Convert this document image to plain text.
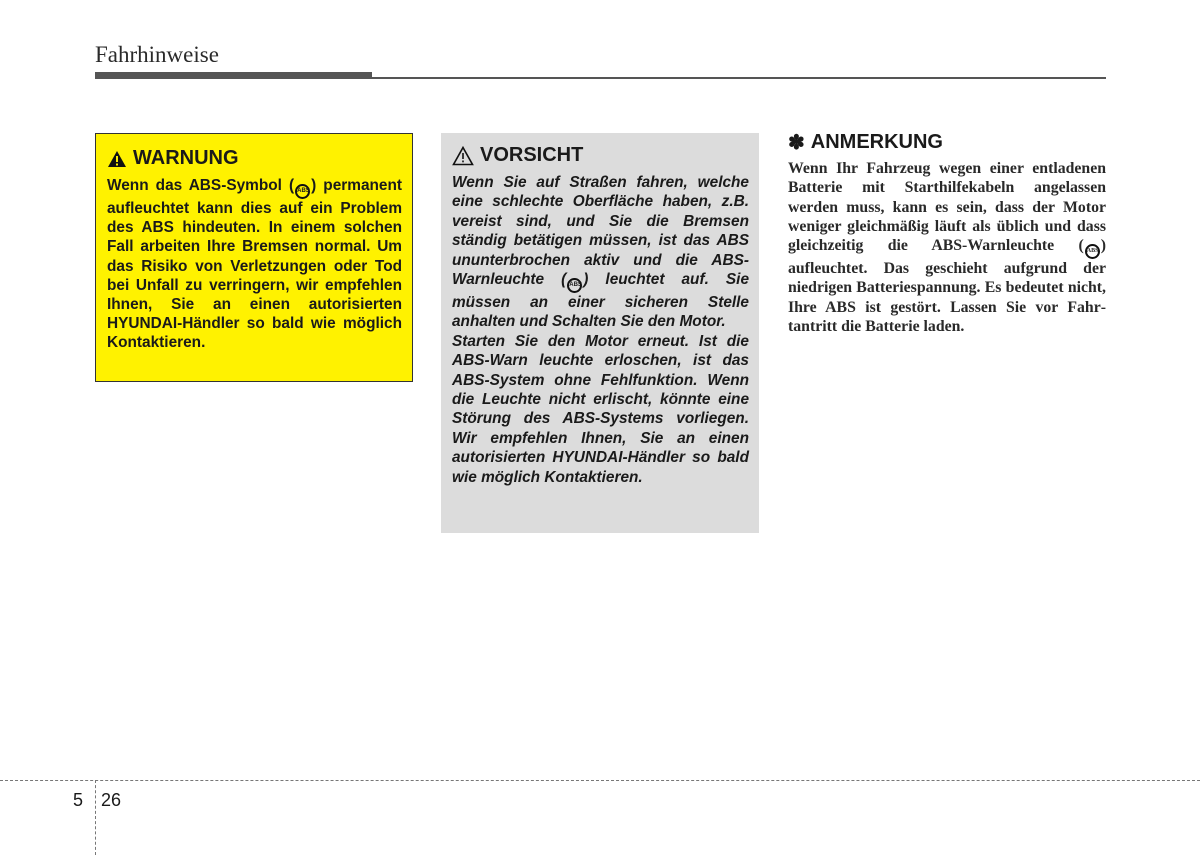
Fahrhinweise
WARNUNG
Wenn das ABS-Symbol ( ABS) permanent aufleuchtet kann dies auf ein Problem des ABS hindeuten. In einem solchen Fall arbeiten Ihre Bremsen normal. Um das Risiko von Verletzungen oder Tod bei Unfall zu verringern, wir empfehlen Ihnen, Sie an einen autorisierten HYUNDAI-Händler so bald wie möglich Kontaktieren.
VORSICHT

Wenn Sie auf Straßen fahren, welche eine schlechte Oberfläche haben, z.B. vereist sind, und Sie die Bremsen ständig betätigen müssen, ist das ABS ununterbrochen aktiv und die ABS-Warnleuchte ( ABS) leuchtet auf. Sie müssen an einer sicheren Stelle anhalten und Schalten Sie den Motor.

Starten Sie den Motor erneut. Ist die ABS-Warn leuchte erloschen, ist das ABS-System ohne Fehlfunktion. Wenn die Leuchte nicht erlischt, könnte eine Störung des ABS-Systems vorliegen. Wir empfehlen Ihnen, Sie an einen autorisierten HYUNDAI-Händler so bald wie möglich Kontaktieren.

✽ ANMERKUNG
Wenn Ihr Fahrzeug wegen einer entladenen Batterie mit Starthilfekabeln angelassen werden muss, kann es sein, dass der Motor weniger gleichmäßig läuft als üblich und dass gleichzeitig die ABS-Warnleuchte ( ABS ) aufleuchtet. Das geschieht aufgrund der niedrigen Batteriespannung. Es bedeutet nicht, Ihre ABS ist gestört. Lassen Sie vor Fahrtantritt die Batterie laden.
5 26
